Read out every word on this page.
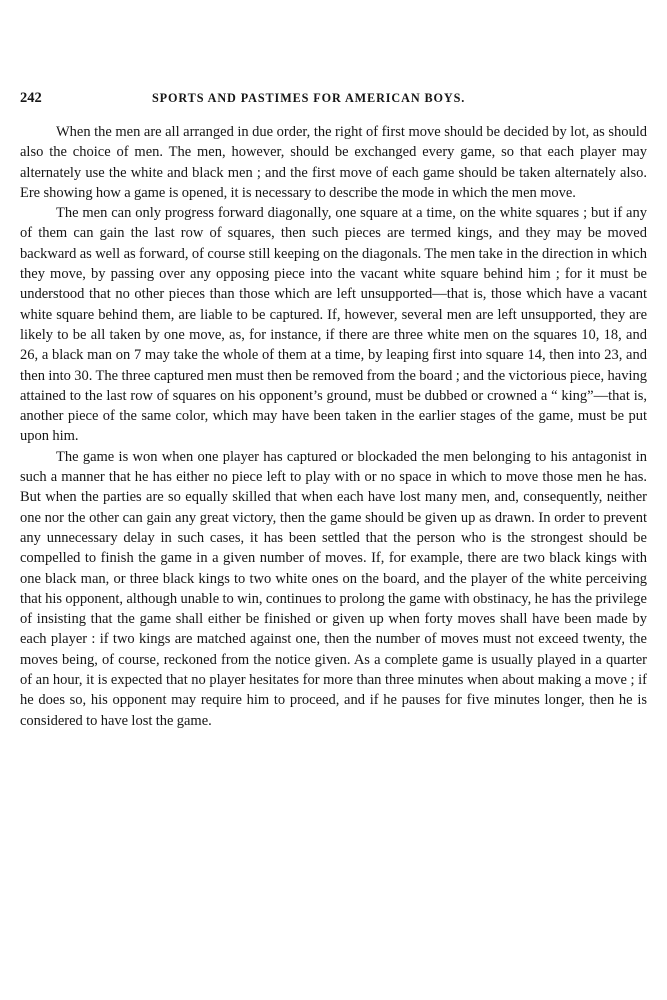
242	SPORTS AND PASTIMES FOR AMERICAN BOYS.

When the men are all arranged in due order, the right of first move should be decided by lot, as should also the choice of men. The men, however, should be exchanged every game, so that each player may alternately use the white and black men ; and the first move of each game should be taken alternately also. Ere showing how a game is opened, it is necessary to describe the mode in which the men move.

The men can only progress forward diagonally, one square at a time, on the white squares ; but if any of them can gain the last row of squares, then such pieces are termed kings, and they may be moved backward as well as forward, of course still keeping on the diagonals. The men take in the direction in which they move, by passing over any opposing piece into the vacant white square behind him ; for it must be understood that no other pieces than those which are left unsupported—that is, those which have a vacant white square behind them, are liable to be captured. If, however, several men are left unsupported, they are likely to be all taken by one move, as, for instance, if there are three white men on the squares 10, 18, and 26, a black man on 7 may take the whole of them at a time, by leaping first into square 14, then into 23, and then into 30. The three captured men must then be removed from the board ; and the victorious piece, having attained to the last row of squares on his opponent’s ground, must be dubbed or crowned a “ king”—that is, another piece of the same color, which may have been taken in the earlier stages of the game, must be put upon him.

The game is won when one player has captured or blockaded the men belonging to his antagonist in such a manner that he has either no piece left to play with or no space in which to move those men he has. But when the parties are so equally skilled that when each have lost many men, and, consequently, neither one nor the other can gain any great victory, then the game should be given up as drawn. In order to prevent any unnecessary delay in such cases, it has been settled that the person who is the strongest should be compelled to finish the game in a given number of moves. If, for example, there are two black kings with one black man, or three black kings to two white ones on the board, and the player of the white perceiving that his opponent, although unable to win, continues to prolong the game with obstinacy, he has the privilege of insisting that the game shall either be finished or given up when forty moves shall have been made by each player : if two kings are matched against one, then the number of moves must not exceed twenty, the moves being, of course, reckoned from the notice given. As a complete game is usually played in a quarter of an hour, it is expected that no player hesitates for more than three minutes when about making a move ; if he does so, his opponent may require him to proceed, and if he pauses for five minutes longer, then he is considered to have lost the game.
